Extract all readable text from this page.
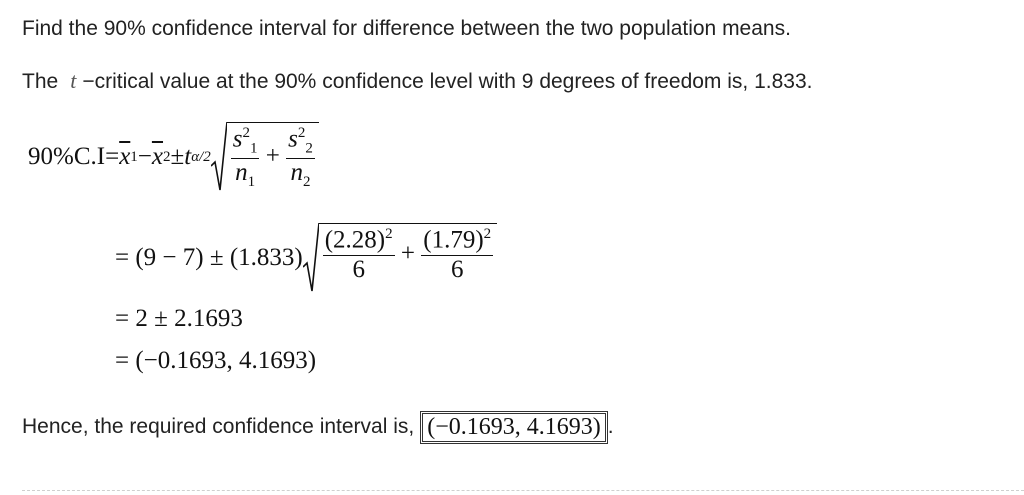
Find the 90% confidence interval for difference between the two population means.
The t −critical value at the 90% confidence level with 9 degrees of freedom is, 1.833.
$90\%C.I = \overline{x}$ $1 - \overline{x}$ 2 ± t $\alpha/2 \frac{s^2_1}{n_1} + \frac{s^2_2}{n_2}$
= $(9 - 7) \pm (1.833) \frac{(2.28)^2}{6} + \frac{(1.79)^2}{6}$
= 2 ± 2.1693
= (−0.1693, 4.1693)
Hence, the required confidence interval is, (−0.1693, 4.1693) .
